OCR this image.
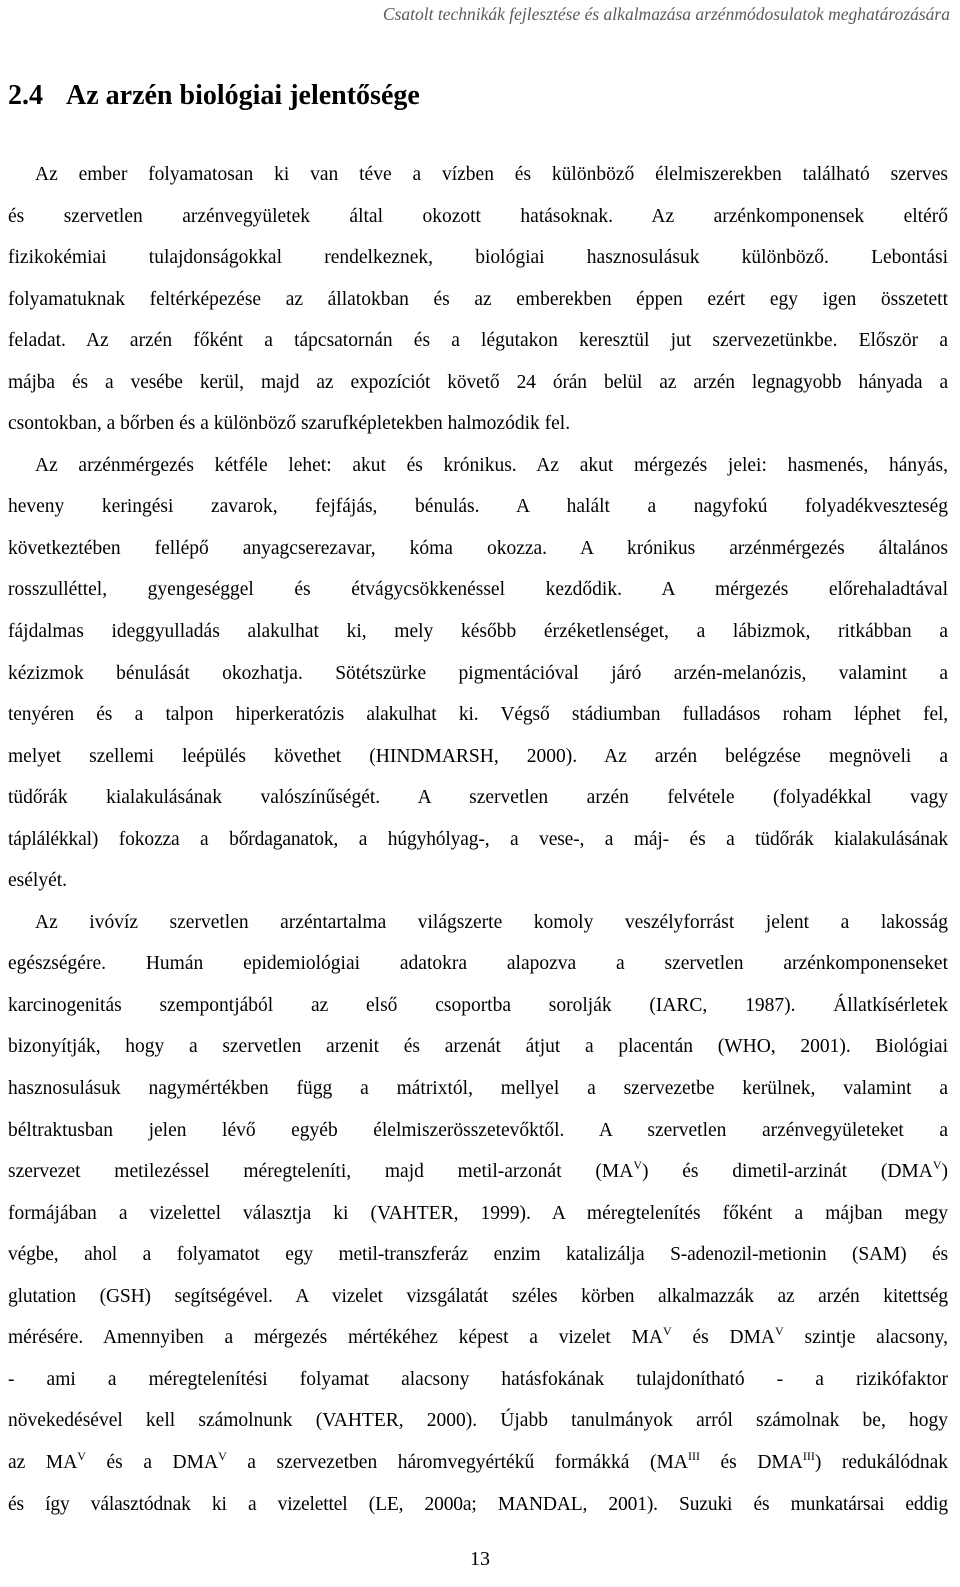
Csatolt technikák fejlesztése és alkalmazása arzénmódosulatok meghatározására
2.4 Az arzén biológiai jelentősége
Az ember folyamatosan ki van téve a vízben és különböző élelmiszerekben található szerves
és szervetlen arzénvegyületek által okozott hatásoknak. Az arzénkomponensek eltérő
fizikokémiai tulajdonságokkal rendelkeznek, biológiai hasznosulásuk különböző. Lebontási
folyamatuknak feltérképezése az állatokban és az emberekben éppen ezért egy igen összetett
feladat. Az arzén főként a tápcsatornán és a légutakon keresztül jut szervezetünkbe. Először a
májba és a vesébe kerül, majd az expozíciót követő 24 órán belül az arzén legnagyobb hányada a
csontokban, a bőrben és a különböző szarufképletekben halmozódik fel.
Az arzénmérgezés kétféle lehet: akut és krónikus. Az akut mérgezés jelei: hasmenés, hányás,
heveny keringési zavarok, fejfájás, bénulás. A halált a nagyfokú folyadékveszteség
következtében fellépő anyagcserezavar, kóma okozza. A krónikus arzénmérgezés általános
rosszulléttel, gyengeséggel és étvágycsökkenéssel kezdődik. A mérgezés előrehaladtával
fájdalmas ideggyulladás alakulhat ki, mely később érzéketlenséget, a lábizmok, ritkábban a
kézizmok bénulását okozhatja. Sötétszürke pigmentációval járó arzén-melanózis, valamint a
tenyéren és a talpon hiperkeratózis alakulhat ki. Végső stádiumban fulladásos roham léphet fel,
melyet szellemi leépülés követhet (HINDMARSH, 2000). Az arzén belégzése megnöveli a
tüdőrák kialakulásának valószínűségét. A szervetlen arzén felvétele (folyadékkal vagy
táplálékkal) fokozza a bőrdaganatok, a húgyhólyag-, a vese-, a máj- és a tüdőrák kialakulásának
esélyét.
Az ivóvíz szervetlen arzéntartalma világszerte komoly veszélyforrást jelent a lakosság
egészségére. Humán epidemiológiai adatokra alapozva a szervetlen arzénkomponenseket
karcinogenitás szempontjából az első csoportba sorolják (IARC, 1987). Állatkísérletek
bizonyítják, hogy a szervetlen arzenit és arzenát átjut a placentán (WHO, 2001). Biológiai
hasznosulásuk nagymértékben függ a mátrixtól, mellyel a szervezetbe kerülnek, valamint a
béltraktusban jelen lévő egyéb élelmiszerösszetevőktől. A szervetlen arzénvegyületeket a
szervezet metilezéssel méregteleníti, majd metil-arzonát $(MA^V)$ és dimetil-arzinát $(DMA^V)$
formájában a vizelettel választja ki (VAHTER, 1999). A méregtelenítés főként a májban megy
végbe, ahol a folyamatot egy metil-transzferáz enzim katalizálja S-adenozil-metionin (SAM) és
glutation (GSH) segítségével. A vizelet vizsgálatát széles körben alkalmazzák az arzén kitettség
mérésére. Amennyiben a mérgezés mértékéhez képest a vizelet $MA^V$ és $DMA^V$ szintje alacsony,
- ami a méregtelenítési folyamat alacsony hatásfokának tulajdonítható - a rizikófaktor
növekedésével kell számolnunk (VAHTER, 2000). Újabb tanulmányok arról számolnak be, hogy
az $MA^V$ és a $DMA^V$ a szervezetben háromvegyértékű formákká ($MA^{III}$ és $DMA^{III}$) redukálódnak
és így választódnak ki a vizelettel (LE, 2000a; MANDAL, 2001). Suzuki és munkatársai eddig
13
